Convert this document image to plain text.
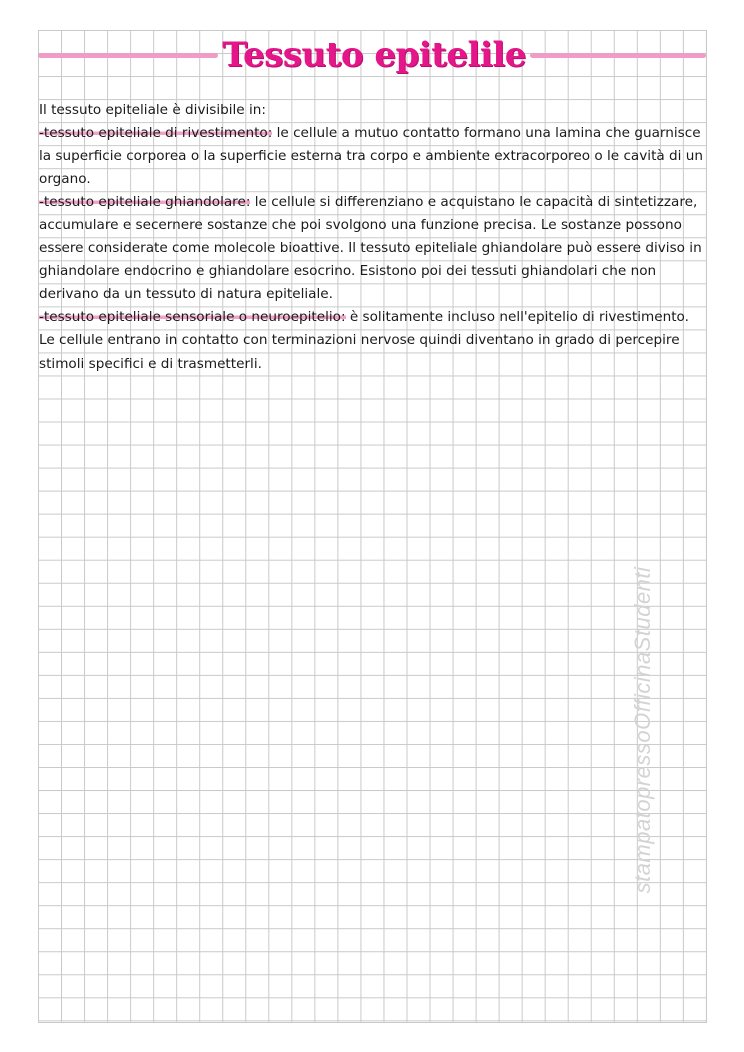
Tessuto epitelile

Il tessuto epiteliale è divisibile in:

-tessuto epiteliale di rivestimento: le cellule a mutuo contatto formano una lamina che guarnisce la superficie corporea o la superficie esterna tra corpo e ambiente extracorporeo o le cavità di un organo.

-tessuto epiteliale ghiandolare: le cellule si differenziano e acquistano le capacità di sintetizzare, accumulare e secernere sostanze che poi svolgono una funzione precisa. Le sostanze possono essere considerate come molecole bioattive. Il tessuto epiteliale ghiandolare può essere diviso in ghiandolare endocrino e ghiandolare esocrino. Esistono poi dei tessuti ghiandolari che non derivano da un tessuto di natura epiteliale.

-tessuto epiteliale sensoriale o neuroepitelio: è solitamente incluso nell'epitelio di rivestimento. Le cellule entrano in contatto con terminazioni nervose quindi diventano in grado di percepire stimoli specifici e di trasmetterli.

stampatopressoOfficinaStudenti
